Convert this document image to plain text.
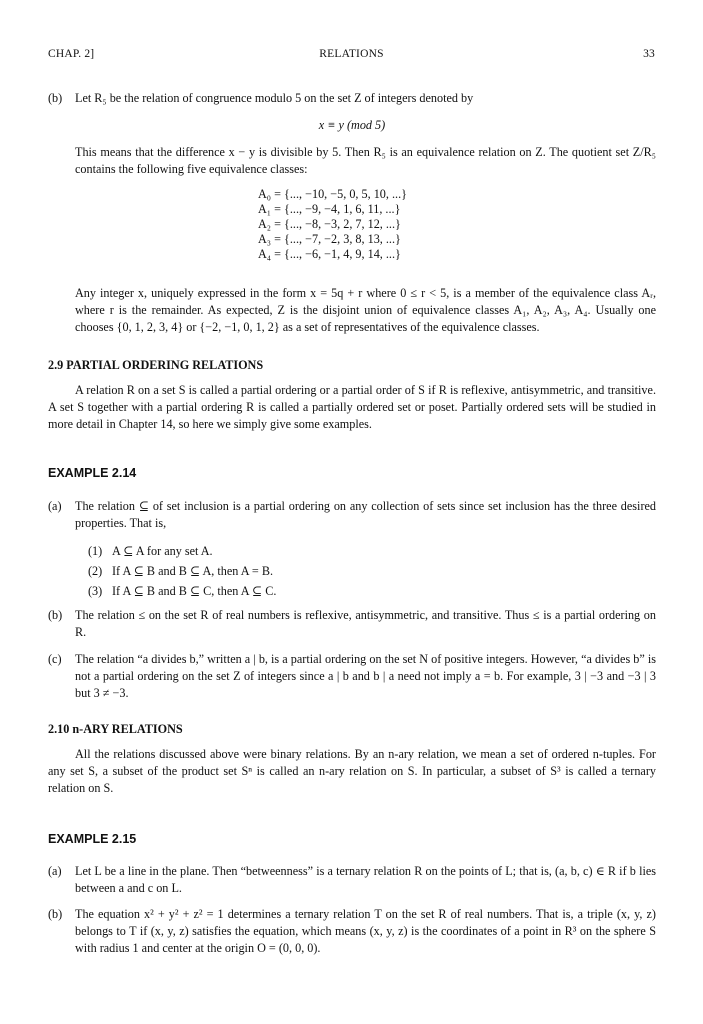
CHAP. 2]	RELATIONS	33
(b)	Let R₅ be the relation of congruence modulo 5 on the set Z of integers denoted by
x ≡ y (mod 5)
This means that the difference x − y is divisible by 5. Then R₅ is an equivalence relation on Z. The quotient set Z/R₅ contains the following five equivalence classes:
A₀ = {..., −10, −5, 0, 5, 10, ...}
A₁ = {..., −9, −4, 1, 6, 11, ...}
A₂ = {..., −8, −3, 2, 7, 12, ...}
A₃ = {..., −7, −2, 3, 8, 13, ...}
A₄ = {..., −6, −1, 4, 9, 14, ...}
Any integer x, uniquely expressed in the form x = 5q + r where 0 ≤ r < 5, is a member of the equivalence class Aᵣ, where r is the remainder. As expected, Z is the disjoint union of equivalence classes A₁, A₂, A₃, A₄. Usually one chooses {0, 1, 2, 3, 4} or {−2, −1, 0, 1, 2} as a set of representatives of the equivalence classes.
2.9 PARTIAL ORDERING RELATIONS
A relation R on a set S is called a partial ordering or a partial order of S if R is reflexive, antisymmetric, and transitive. A set S together with a partial ordering R is called a partially ordered set or poset. Partially ordered sets will be studied in more detail in Chapter 14, so here we simply give some examples.
EXAMPLE 2.14
(a)	The relation ⊆ of set inclusion is a partial ordering on any collection of sets since set inclusion has the three desired properties. That is,
(1) A ⊆ A for any set A.
(2) If A ⊆ B and B ⊆ A, then A = B.
(3) If A ⊆ B and B ⊆ C, then A ⊆ C.
(b)	The relation ≤ on the set R of real numbers is reflexive, antisymmetric, and transitive. Thus ≤ is a partial ordering on R.
(c)	The relation “a divides b,” written a | b, is a partial ordering on the set N of positive integers. However, “a divides b” is not a partial ordering on the set Z of integers since a | b and b | a need not imply a = b. For example, 3 | −3 and −3 | 3 but 3 ≠ −3.
2.10 n-ARY RELATIONS
All the relations discussed above were binary relations. By an n-ary relation, we mean a set of ordered n-tuples. For any set S, a subset of the product set Sⁿ is called an n-ary relation on S. In particular, a subset of S³ is called a ternary relation on S.
EXAMPLE 2.15
(a)	Let L be a line in the plane. Then “betweenness” is a ternary relation R on the points of L; that is, (a, b, c) ∈ R if b lies between a and c on L.
(b)	The equation x² + y² + z² = 1 determines a ternary relation T on the set R of real numbers. That is, a triple (x, y, z) belongs to T if (x, y, z) satisfies the equation, which means (x, y, z) is the coordinates of a point in R³ on the sphere S with radius 1 and center at the origin O = (0, 0, 0).
